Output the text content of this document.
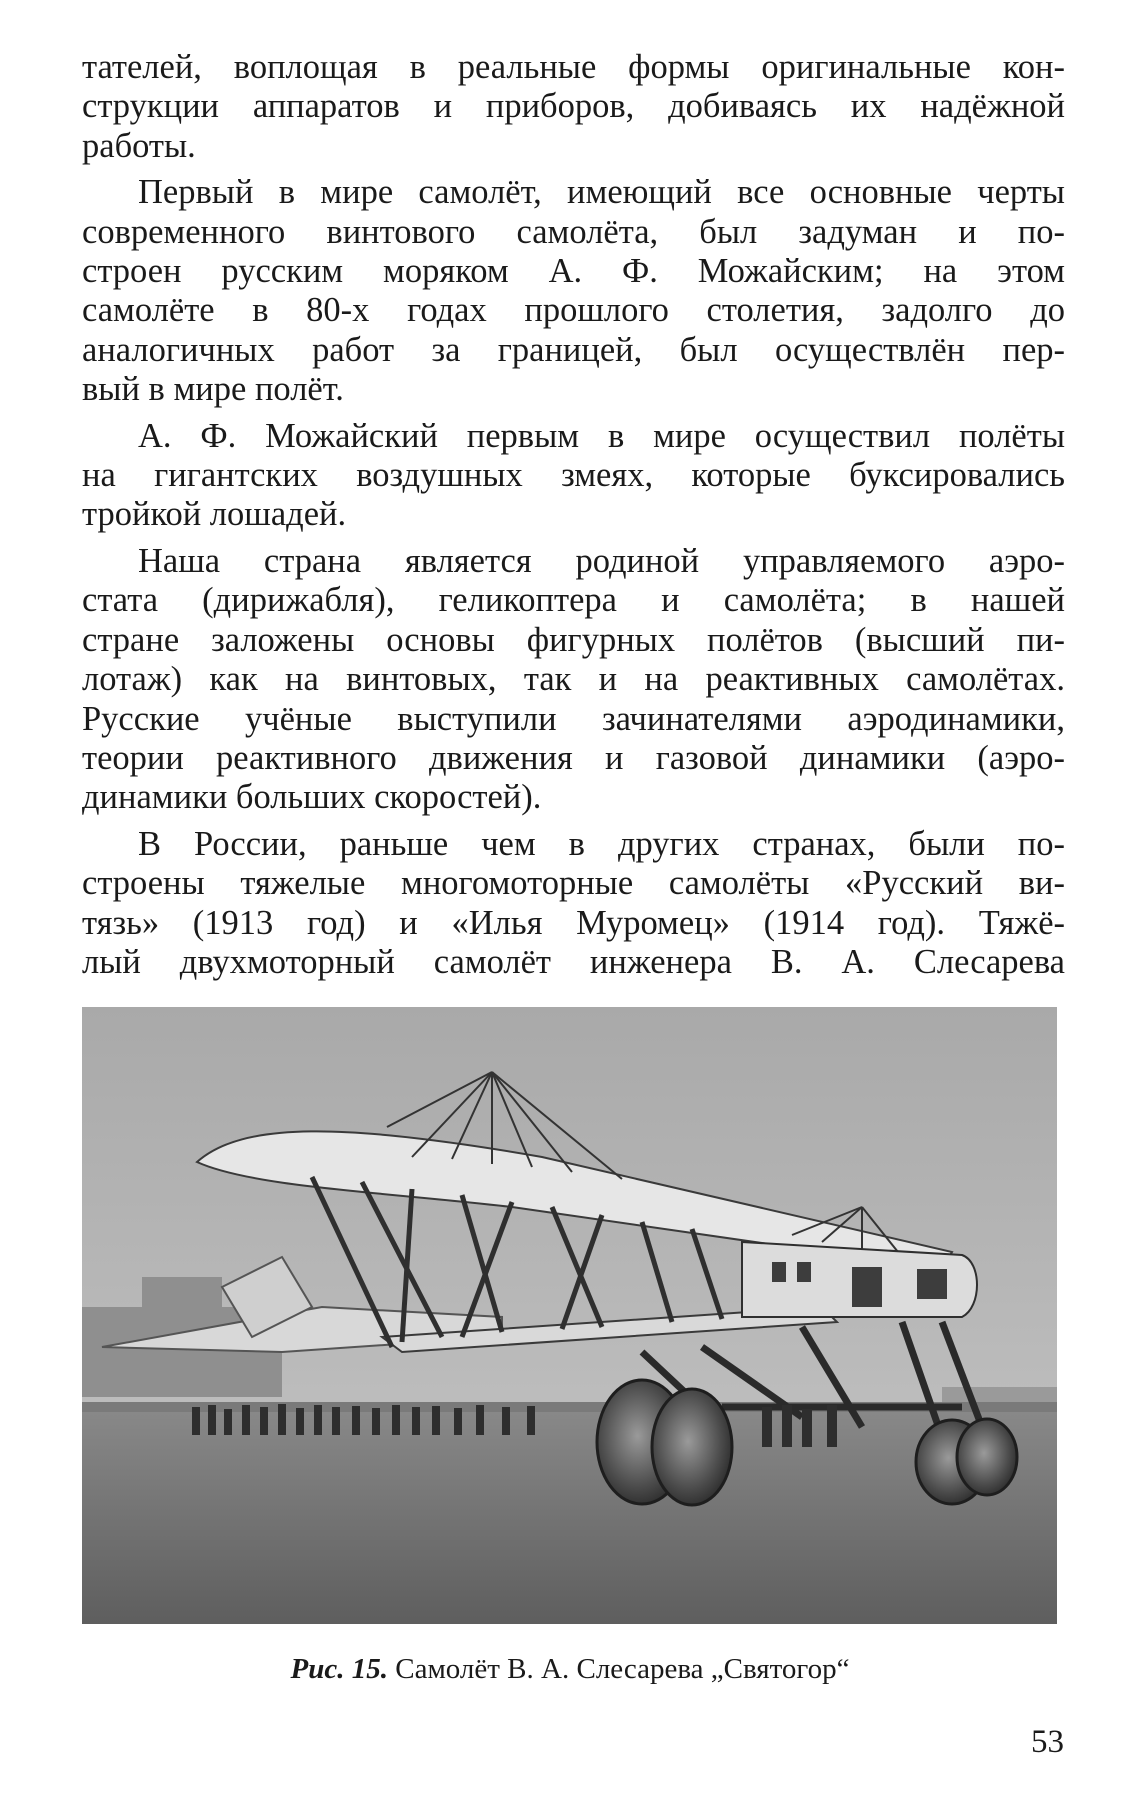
тателей, воплощая в реальные формы оригинальные кон-
струкции аппаратов и приборов, добиваясь их надёжной
работы.

Первый в мире самолёт, имеющий все основные черты
современного винтового самолёта, был задуман и по-
строен русским моряком А. Ф. Можайским; на этом
самолёте в 80-х годах прошлого столетия, задолго до
аналогичных работ за границей, был осуществлён пер-
вый в мире полёт.

А. Ф. Можайский первым в мире осуществил полёты
на гигантских воздушных змеях, которые буксировались
тройкой лошадей.

Наша страна является родиной управляемого аэро-
стата (дирижабля), геликоптера и самолёта; в нашей
стране заложены основы фигурных полётов (высший пи-
лотаж) как на винтовых, так и на реактивных самолётах.
Русские учёные выступили зачинателями аэродинамики,
теории реактивного движения и газовой динамики (аэро-
динамики больших скоростей).

В России, раньше чем в других странах, были по-
строены тяжелые многомоторные самолёты «Русский ви-
тязь» (1913 год) и «Илья Муромец» (1914 год). Тяжё-
лый двухмоторный самолёт инженера В. А. Слесарева

Рис. 15. Самолёт В. А. Слесарева „Святогор“
53
